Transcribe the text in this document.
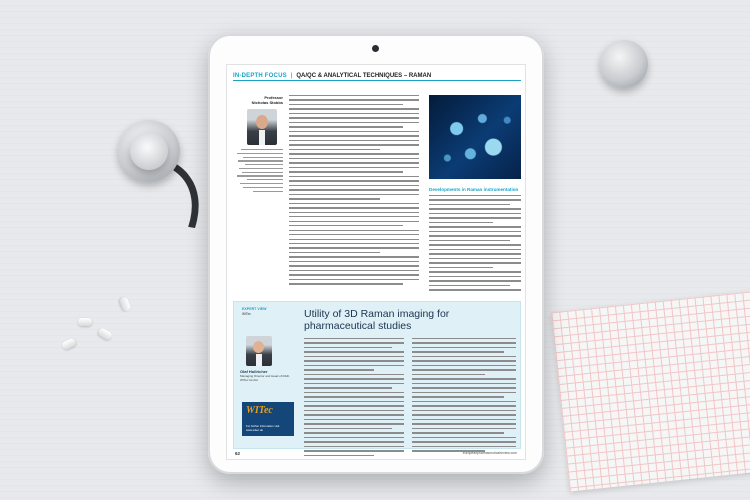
IN-DEPTH FOCUS | QA/QC & ANALYTICAL TECHNIQUES – RAMAN
Professor
Nicholas Stobbs
Developments in Raman instrumentation
EXPERT VIEW
WITec	Utility of 3D Raman imaging for pharmaceutical studies
Olaf Hollricher
Managing Director and Head of R&D, WITec GmbH
WITec
For further information visit
www.witec.de
62	europeanpharmaceuticalreview.com
